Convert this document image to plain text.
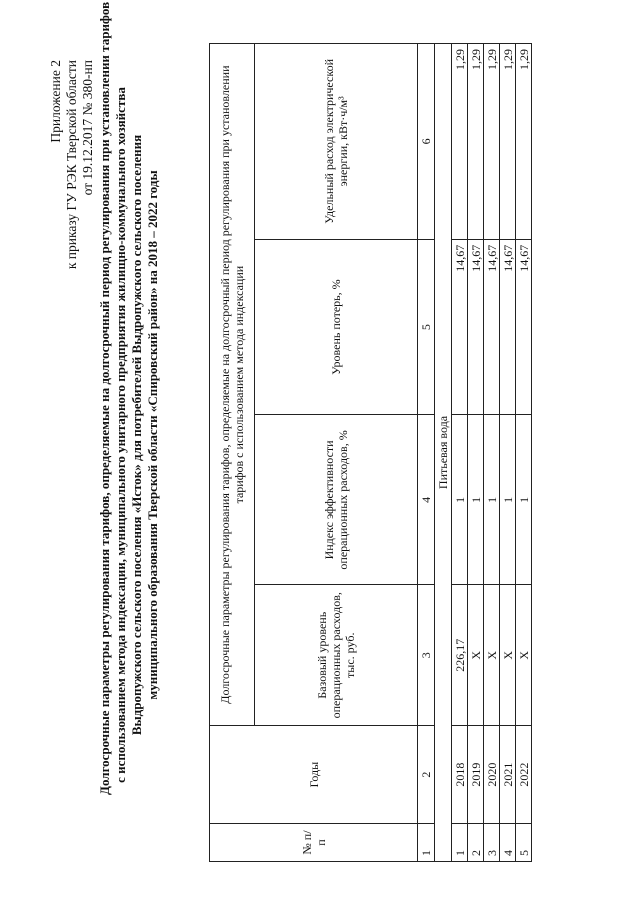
Приложение 2 к приказу ГУ РЭК Тверской области от 19.12.2017 № 380-нп Долгосрочные параметры регулирования тарифов, определяемые на долгосрочный период регулирования при установлении тарифов с использованием метода индексации, муниципального унитарного предприятия жилищно-коммунального хозяйства Выдропужского сельского поселения «Исток» для потребителей Выдропужского сельского поселения муниципального образования Тверской области «Спировский район» на 2018 – 2022 годы
№ п/п	Годы	Долгосрочные параметры регулирования тарифов, определяемые на долгосрочный период регулирования при установлении тарифов с использованием метода индексации			
		Базовый уровень операционных расходов, тыс. руб.	Индекс эффективности операционных расходов, %	Уровень потерь, %	Удельный расход электрической энергии, кВт·ч/м³
1	2	3	4	5	6
Питьевая вода					
1	2018	226,17	1	14,67	1,29
2	2019	X	1	14,67	1,29
3	2020	X	1	14,67	1,29
4	2021	X	1	14,67	1,29
5	2022	X	1	14,67	1,29
